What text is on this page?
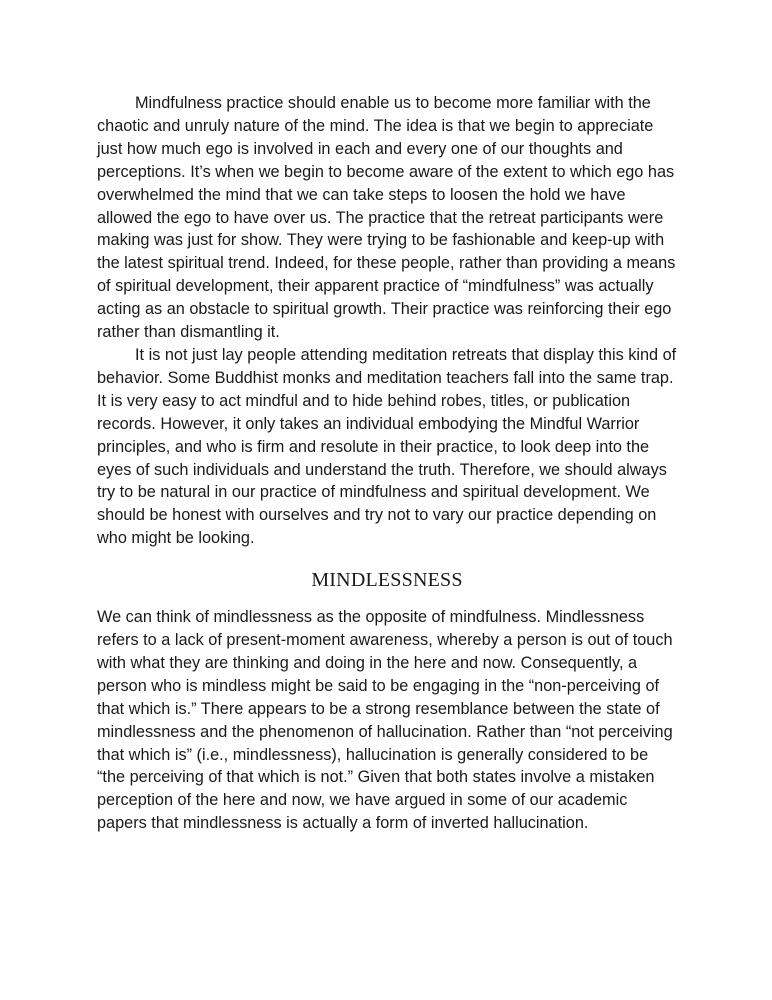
Mindfulness practice should enable us to become more familiar with the chaotic and unruly nature of the mind. The idea is that we begin to appreciate just how much ego is involved in each and every one of our thoughts and perceptions. It’s when we begin to become aware of the extent to which ego has overwhelmed the mind that we can take steps to loosen the hold we have allowed the ego to have over us. The practice that the retreat participants were making was just for show. They were trying to be fashionable and keep-up with the latest spiritual trend. Indeed, for these people, rather than providing a means of spiritual development, their apparent practice of “mindfulness” was actually acting as an obstacle to spiritual growth. Their practice was reinforcing their ego rather than dismantling it.

It is not just lay people attending meditation retreats that display this kind of behavior. Some Buddhist monks and meditation teachers fall into the same trap. It is very easy to act mindful and to hide behind robes, titles, or publication records. However, it only takes an individual embodying the Mindful Warrior principles, and who is firm and resolute in their practice, to look deep into the eyes of such individuals and understand the truth. Therefore, we should always try to be natural in our practice of mindfulness and spiritual development. We should be honest with ourselves and try not to vary our practice depending on who might be looking.

MINDLESSNESS

We can think of mindlessness as the opposite of mindfulness. Mindlessness refers to a lack of present-moment awareness, whereby a person is out of touch with what they are thinking and doing in the here and now. Consequently, a person who is mindless might be said to be engaging in the “non-perceiving of that which is.” There appears to be a strong resemblance between the state of mindlessness and the phenomenon of hallucination. Rather than “not perceiving that which is” (i.e., mindlessness), hallucination is generally considered to be “the perceiving of that which is not.” Given that both states involve a mistaken perception of the here and now, we have argued in some of our academic papers that mindlessness is actually a form of inverted hallucination.
